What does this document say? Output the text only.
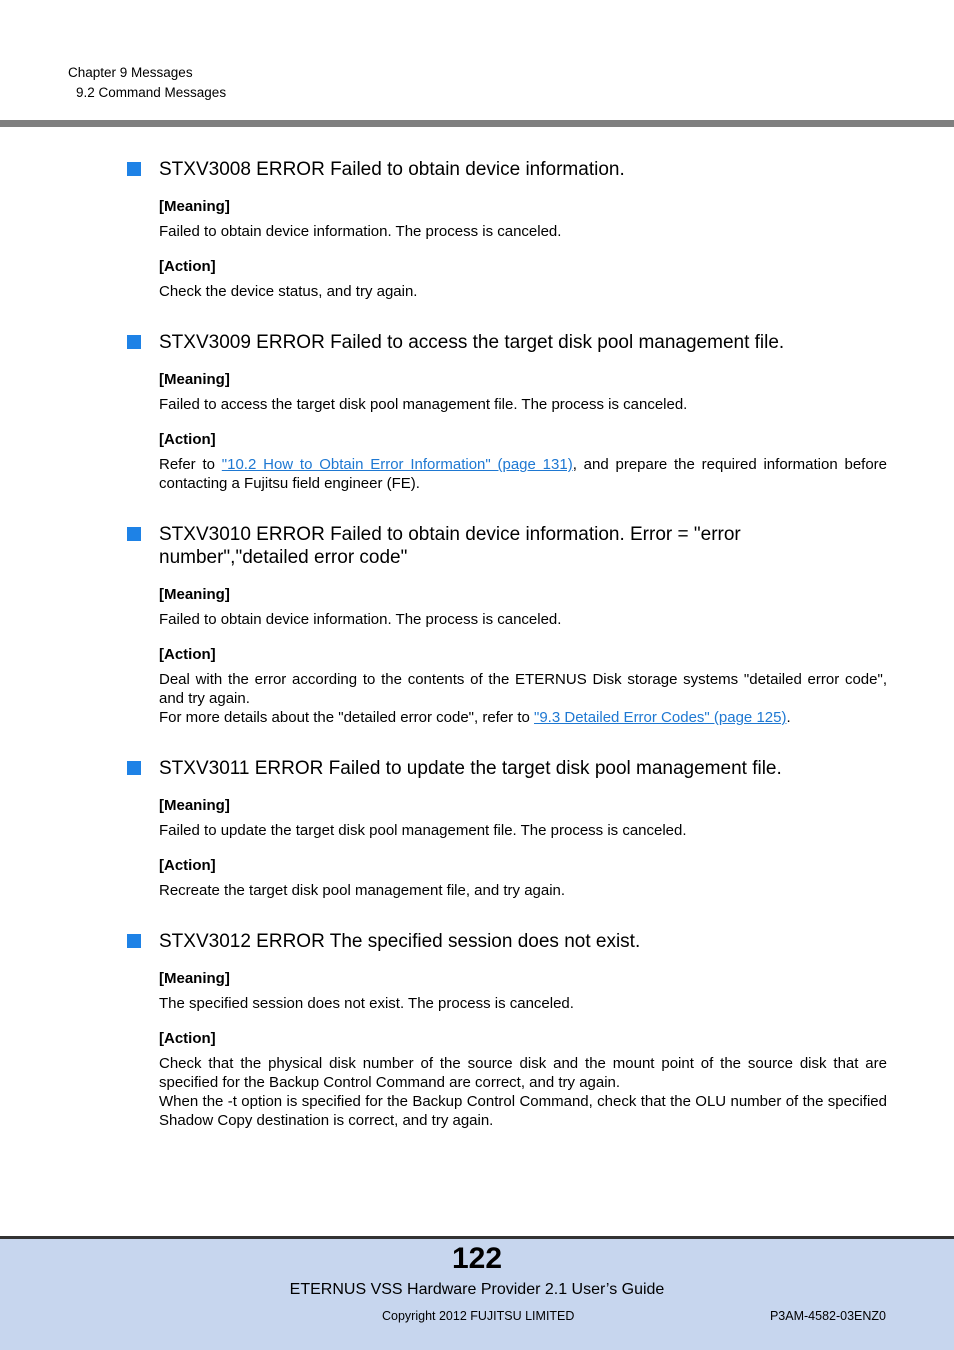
Chapter 9 Messages
9.2 Command Messages
STXV3008 ERROR Failed to obtain device information.
[Meaning]
Failed to obtain device information. The process is canceled.
[Action]
Check the device status, and try again.
STXV3009 ERROR Failed to access the target disk pool management file.
[Meaning]
Failed to access the target disk pool management file. The process is canceled.
[Action]
Refer to "10.2 How to Obtain Error Information" (page 131), and prepare the required information before contacting a Fujitsu field engineer (FE).
STXV3010 ERROR Failed to obtain device information. Error = "error number","detailed error code"
[Meaning]
Failed to obtain device information. The process is canceled.
[Action]
Deal with the error according to the contents of the ETERNUS Disk storage systems "detailed error code", and try again.
For more details about the "detailed error code", refer to "9.3 Detailed Error Codes" (page 125).
STXV3011 ERROR Failed to update the target disk pool management file.
[Meaning]
Failed to update the target disk pool management file. The process is canceled.
[Action]
Recreate the target disk pool management file, and try again.
STXV3012 ERROR The specified session does not exist.
[Meaning]
The specified session does not exist. The process is canceled.
[Action]
Check that the physical disk number of the source disk and the mount point of the source disk that are specified for the Backup Control Command are correct, and try again.
When the -t option is specified for the Backup Control Command, check that the OLU number of the specified Shadow Copy destination is correct, and try again.
122
ETERNUS VSS Hardware Provider 2.1 User’s Guide
Copyright 2012 FUJITSU LIMITED	P3AM-4582-03ENZ0
